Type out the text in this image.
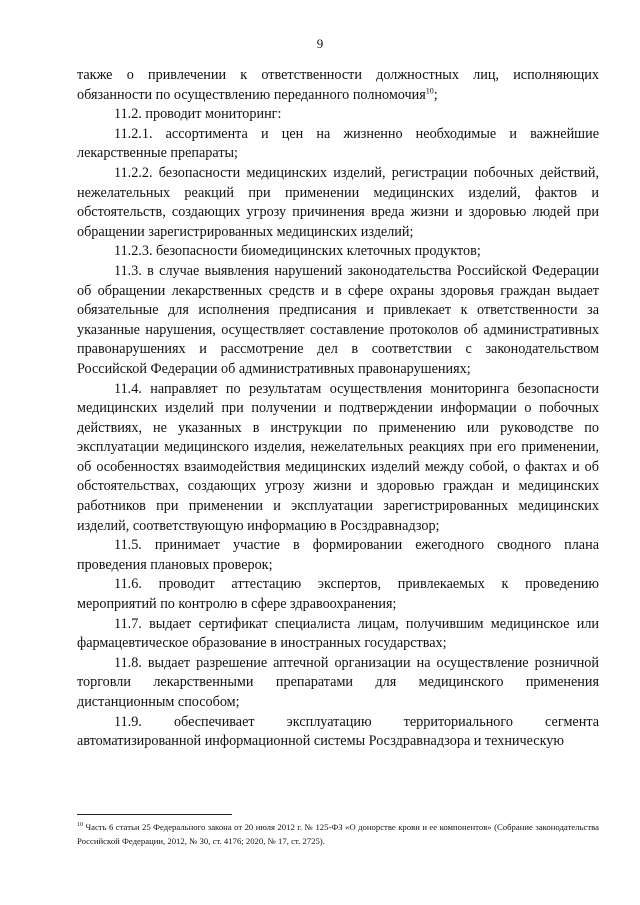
9

также о привлечении к ответственности должностных лиц, исполняющих обязанности по осуществлению переданного полномочия$^{10}$;

11.2. проводит мониторинг:

11.2.1. ассортимента и цен на жизненно необходимые и важнейшие лекарственные препараты;

11.2.2. безопасности медицинских изделий, регистрации побочных действий, нежелательных реакций при применении медицинских изделий, фактов и обстоятельств, создающих угрозу причинения вреда жизни и здоровью людей при обращении зарегистрированных медицинских изделий;

11.2.3. безопасности биомедицинских клеточных продуктов;

11.3. в случае выявления нарушений законодательства Российской Федерации об обращении лекарственных средств и в сфере охраны здоровья граждан выдает обязательные для исполнения предписания и привлекает к ответственности за указанные нарушения, осуществляет составление протоколов об административных правонарушениях и рассмотрение дел в соответствии с законодательством Российской Федерации об административных правонарушениях;

11.4. направляет по результатам осуществления мониторинга безопасности медицинских изделий при получении и подтверждении информации о побочных действиях, не указанных в инструкции по применению или руководстве по эксплуатации медицинского изделия, нежелательных реакциях при его применении, об особенностях взаимодействия медицинских изделий между собой, о фактах и об обстоятельствах, создающих угрозу жизни и здоровью граждан и медицинских работников при применении и эксплуатации зарегистрированных медицинских изделий, соответствующую информацию в Росздравнадзор;

11.5. принимает участие в формировании ежегодного сводного плана проведения плановых проверок;

11.6. проводит аттестацию экспертов, привлекаемых к проведению мероприятий по контролю в сфере здравоохранения;

11.7. выдает сертификат специалиста лицам, получившим медицинское или фармацевтическое образование в иностранных государствах;

11.8. выдает разрешение аптечной организации на осуществление розничной торговли лекарственными препаратами для медицинского применения дистанционным способом;

11.9. обеспечивает эксплуатацию территориального сегмента автоматизированной информационной системы Росздравнадзора и техническую

$^{10}$ Часть 6 статьи 25 Федерального закона от 20 июля 2012 г. № 125-ФЗ «О донорстве крови и ее компонентов» (Собрание законодательства Российской Федерации, 2012, № 30, ст. 4176; 2020, № 17, ст. 2725).
